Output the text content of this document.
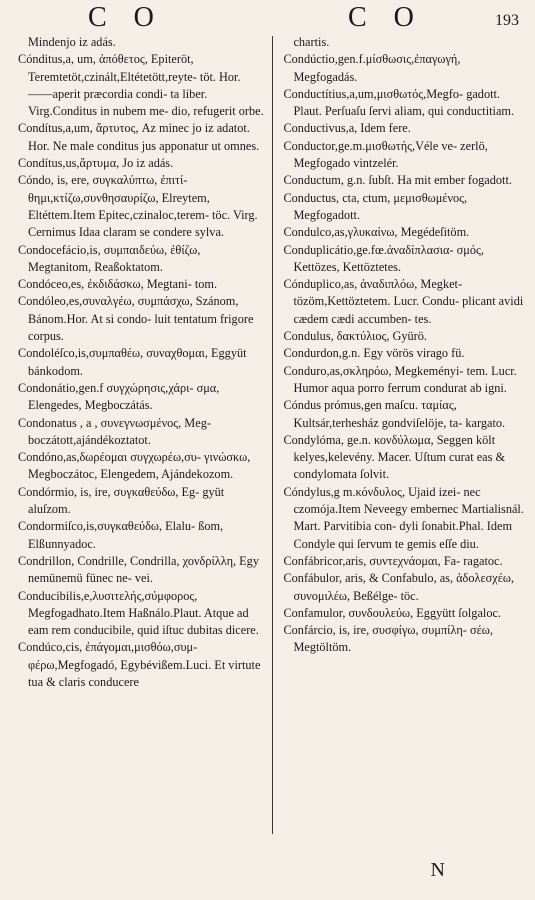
C O	C O	193

Mindenjo iz adás.

Cónditus,a, um, ἀπόθετος, Epiteröt, Teremtetöt,czinált,Eltétetött,reyte- töt. Hor.——aperit præcordia condi- ta liber. Virg.Conditus in nubem me- dio, refugerit orbe.

Condítus,a,um, ἄρτυτος, Az minec jo iz adatot. Hor. Ne male conditus jus apponatur ut omnes.

Condítus,us,ἄρτυμα, Jo iz adás.

Cóndo, is, ere, συγκαλύπτω, ἐπιτί- θημι,κτίζω,συνθησαυρίζω, Elreytem, Eltéttem.Item Epitec,czinaloc,terem- töc. Virg. Cernimus Idaa claram se condere sylva.

Condocefácio,is, συμπαιδεύω, ἐθίζω, Megtanitom, Reaßoktatom.

Condóceo,es, ἐκδιδάσκω, Megtani- tom.

Condóleo,es,συναλγέω, συμπάσχω, Szánom, Bánom.Hor. At si condo- luit tentatum frigore corpus.

Condoléſco,is,συμπαθέω, συναχθομαι, Eggyüt bánkodom.

Condonátio,gen.f συγχώρησις,χάρι- σμα, Elengedes, Megboczátás.

Condonatus , a , συνεγνωσμένος, Meg- boczátott,ajándékoztatot.

Condóno,as,δωρέομαι συγχωρέω,συ- γινώσκω, Megboczátoc, Elengedem, Ajándekozom.

Condórmio, is, ire, συγκαθεύδω, Eg- gyüt aluſzom.

Condormiſco,is,συγκαθεύδω, Elalu- ßom, Elßunnyadoc.

Condrillon, Condrille, Condrilla, χονδρίλλη, Egy nemünemü fünec ne- vei.

Conducibilis,e,λυσιτελής,σύμφορος, Megfogadhato.Item Haßnálo.Plaut. Atque ad eam rem conducibile, quid iſtuc dubitas dicere.

Condúco,cis, ἐπάγομαι,μισθόω,συμ- φέρω,Megfogadó, Egybévißem.Luci. Et virtute tua & claris conducere

chartis.

Condúctio,gen.f.μίσθωσις,ἐπαγωγή, Megfogadás.

Conductítius,a,um,μισθωτός,Megfo- gadott. Plaut. Perſuaſu ſervi aliam, qui conductitiam.

Conductivus,a, Idem fere.

Conductor,ge.m.μισθωτής,Véle ve- zerlö, Megfogado vintzelér.

Conductum, g.n. ſubſt. Ha mit ember fogadott.

Conductus, cta, ctum, μεμισθωμένος, Megfogadott.

Condulco,as,γλυκαίνω, Megédeſitöm.

Conduplicátio,ge.fœ.ἀναδίπλασια- σμός, Kettözes, Kettöztetes.

Cónduplico,as, ἀναδιπλόω, Megket- tözöm,Kettöztetem. Lucr. Condu- plicant avidi cædem cædi accumben- tes.

Condulus, δακτύλιος, Gyürö.

Condurdon,g.n. Egy vörös virago fü.

Conduro,as,σκληρόω, Megkeményi- tem. Lucr. Humor aqua porro ferrum condurat ab igni.

Cóndus prómus,gen maſcu. ταμίας, Kultsár,terhesház gondviſelöje, ta- kargato.

Condylóma, ge.n. κονδύλωμα, Seggen költ kelyes,kelevény. Macer. Uſtum curat eas & condylomata ſolvit.

Cóndylus,g m.κόνδυλος, Ujaid izei- nec czomója.Item Neveegy embernec Martialisnál. Mart. Parvitibia con- dyli ſonabit.Phal. Idem Condyle qui ſervum te gemis eſſe diu.

Confábricor,aris, συντεχνάομαι, Fa- ragatoc.

Confábulor, aris, & Confabulo, as, ἀδολεσχέω, συνομιλέω, Beßélge- töc.

Confamulor, συνδουλεύω, Eggyütt ſolgaloc.

Confárcio, is, ire, συσφίγω, συμπίλη- σέω, Megtöltöm.

N
